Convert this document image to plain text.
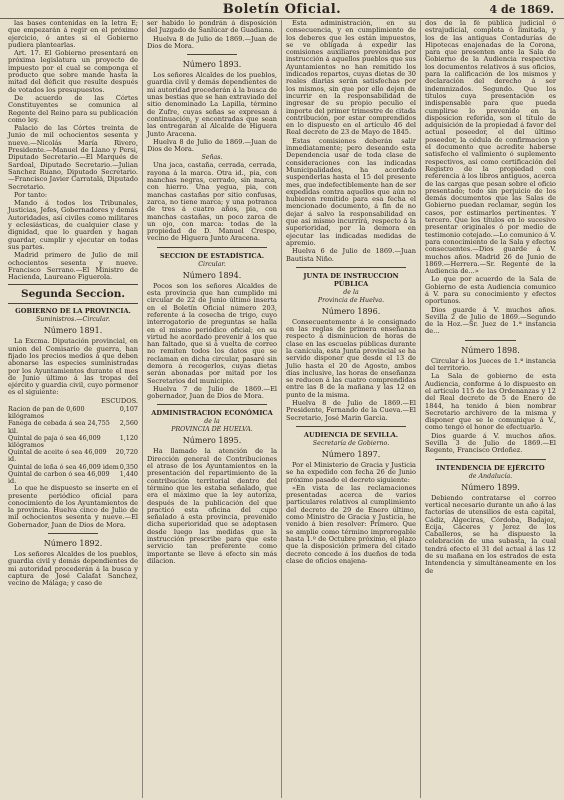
Boletín Oficial.	4 de 1869.

las bases contenidas en la letra E; que empezarán á regir en el próximo ejercicio, ó antes si el Gobierno pudiera plantearlas.

Art. 17. El Gobierno presentará en próxima legislatura un proyecto de impuesto por el cual se componga el producto que sobre mande hasta la mitad del déficit que resulte después de votados los presupuestos.

De acuerdo de las Córtes Constituyentes se comunica al Regente del Reino para su publicación como ley.

Palacio de las Córtes treinta de Junio de mil ochocientos sesenta y nueve.—Nicolás María Rivero, Presidente.—Manuel de Llano y Persi, Diputado Secretario.—El Marqués de Sardoal, Diputado Secretario.—Julian Sanchez Ruano, Diputado Secretario.—Francisco Javier Carratalá, Diputado Secretario.

Por tanto:

Mando á todos los Tribunales, Justicias, Jefes, Gobernadores y demás Autoridades, así civiles como militares y eclesiásticas, de cualquier clase y dignidad, que lo guarden y hagan guardar, cumplir y ejecutar en todas sus partes.

Madrid primero de Julio de mil ochocientos sesenta y nueve. Francisco Serrano.—El Ministro de Hacienda, Laureano Figuerola.

Segunda Seccion.
GOBIERNO DE LA PROVINCIA.
Suministros.—Circular.
Número 1891.

La Excma. Diputación provincial, en union del Comisario de guerra, han fijado los precios medios á que deben abonarse las especies suministradas por los Ayuntamientos durante el mes de Junio último á las tropas del ejército y guardia civil, cuyo pormenor es el siguiente:

ESCUDOS.
Racion de pan de 0,600 kilógramos
0,107
Fanega de cebada á sea 24,755 kil.
2,560
Quintal de paja ó sea 46,009 kilógramos
1,120
Quintal de aceite ó sea 46,009 id.
20,720
Quintal de leña ó sea 46,009 idem 0,350
Quintal de carbon ó sea 46,009 id.
1,440

Lo que he dispuesto se inserte en el presente periódico oficial para conocimiento de los Ayuntamientos de la provincia. Huelva cinco de Julio de mil ochocientos sesenta y nueve.—El Gobernador, Juan de Dios de Mora.

Número 1892.

Los señores Alcaldes de los pueblos, guardia civil y demás dependientes de mi autoridad procederán á la busca y captura de José Calafat Sanchez, vecino de Málaga; y caso de

ser habido lo pondrán á disposición del Juzgado de Sanlúcar de Guadiana.

Huelva 8 de Julio de 1869.—Juan de Dios de Mora.

Número 1893.

Los señores Alcaldes de los pueblos, guardia civil y demás dependientes de mi autoridad procederán á la busca de unas bestias que se han extraviado del sitio denominado La Lapilla, término de Zufre, cuyas señas se expresan á continuación, y encontradas que sean las entregarán al Alcalde de Higuera Junto Aracena.

Huelva 8 de Julio de 1869.—Juan de Dios de Mora.

Señas.

Una jaca, castaña, cerrada, cerrada, rayona á la marca. Otra id., pia, con manchas negras, cerrado, sin marca, con hierro. Una yegua, pia, con manchas castañas por sitio confusas, zarca, no tiene marca; y una potranca de tres á cuatro años, pia, con manchas castañas, un poco zarca de un ojo, con marca: todas de la propiedad de D. Manuel Crespo, vecino de Higuera Junto Aracena.

SECCION DE ESTADÍSTICA.
Circular.
Número 1894.

Pocos son los señores Alcaldes de esta provincia que han cumplido mi circular de 22 de Junio último inserta en el Boletín Oficial número 203, referente á la cosecha de trigo, cuyo interrogatorio de preguntas se halla en el mismo periódico oficial; en su virtud he acordado prevenir á los que han faltado, que si á vuelta de correo no remiten todos los datos que se reclaman en dicha circular, pasaré sin demora á recogerlos, cuyas dietas serán abonadas por mitad por los Secretarios del municipio.

Huelva 7 de Julio de 1869.—El gobernador, Juan de Dios de Mora.

ADMINISTRACION ECONÓMICA
de la
PROVINCIA DE HUELVA.
Número 1895.

Ha llamado la atención de la Dirección general de Contribuciones el atraso de los Ayuntamientos en la presentación del repartimiento de la contribución territorial dentro del término que les estaba señalado, que era el máximo que la ley autoriza, después de la publicación del que practicó esta oficina del cupo señalado á esta provincia, prevenido dicha superioridad que se adoptasen desde luego las medidas que la instrucción prescribe para que este servicio tan preferente como importante se lleve á efecto sin más dilacion.

Esta administración, en su consecuencia, y en cumplimiento de los deberes que les están impuestos, se ve obligada á expedir las comisiones auxiliares prevenidas por instrucción á aquellos pueblos que sus Ayuntamientos no han remitido los indicados repartos, cuyas dietas de 30 reales diarias serán satisfechas por los mismos, sin que por ello dejen de incurrir en la responsabilidad de ingresar de su propio peculio el importe del primer trimestre de citada contribución, por estar comprendidos en lo dispuesto en el artículo 46 del Real decreto de 23 de Mayo de 1845.

Estas comisiones deberán salir inmediatamente; pero deseando esta Dependencia usar de toda clase de consideraciones con las indicadas Municipalidades, ha acordado suspenderlas hasta el 15 del presente mes, que indefectiblemente han de ser expedidas contra aquellos que aún no hubieren remitido para esa fecha el mencionado documento, á fin de no dejar á salvo la responsabilidad en que así mismo incurrirá, respecto á la superioridad, por la demora en ejecutar las indicadas medidas de apremio.

Huelva 6 de Julio de 1869.—Juan Bautista Niño.

JUNTA DE INSTRUCCION PÚBLICA
de la
Provincia de Huelva.
Número 1896.

Consecuentemente á le consignado en las reglas de primera enseñanza respecto á disminucion de horas de clase en las escuelas públicas durante la canícula, esta Junta provincial se ha servido disponer que desde el 13 de Julio hasta el 20 de Agosto, ambos días inclusive, las horas de enseñanza se reducen á las cuatro comprendidas entre las 8 de la mañana y las 12 en punto de la misma.

Huelva 8 de Julio de 1869.—El Presidente, Fernando de la Cueva.—El Secretario, José Marin Garcia.

AUDIENCIA DE SEVILLA.
Secretaría de Gobierno.
Número 1897.

Por el Ministerio de Gracia y Justicia se ha expedido con fecha 26 de Junio próximo pasado el decreto siguiente:

«En vista de las reclamaciones presentadas acerca de varios particulares relativos al cumplimiento del decreto de 29 de Enero último, como Ministro de Gracia y Justicia, he venido á bien resolver: Primero. Que se amplie como término improrogable hasta 1.º de Octubre próximo, el plazo que la disposición primera del citado decreto concede á los dueños de toda clase de oficios enajena-

dos de la fé pública judicial ó estrajudicial, completa ó limitada, y los de las antiguas Contadurías de Hipotecas enajenadas de la Corona, para que presenten ante la Sala de Gobierno de la Audiencia respectiva los documentos relativos á sus oficios, para la calificación de los mismos y declaración del derecho á ser indemnizados. Segundo. Que los títulos cuya presentación es indispensable para que pueda cumplirse lo prevenido en la disposicion referida, son el título de adquisición de la propiedad á favor del actual poseedor, el del último poseedor, la cédula de confirmacion y el documento que acredite haberse satisfecho el valimiento ó suplemento respectivos, así como certificación del Registro de la propiedad con referencia á los libros antiguos, acerca de las cargas que pesan sobre el oficio presentado; todo sin perjuicio de los demás documentos que las Salas de Gobierno puedan reclamar, según los casos, por estimarlos pertinentes. Y tercero. Que los títulos en lo sucesivo presentar originales ó por medio de testimonio cotejado.—Lo comunico á V. para conocimiento de la Sala y efectos consecuentes.—Dios guarde á V. muchos años. Madrid 26 de Junio de 1869.—Herrera.—Sr. Regente de la Audiencia de...»

Lo que por acuerdo de la Sala de Gobierno de esta Audiencia comunico á V. para su conocimiento y efectos oportunos.

Dios guarde á V. muchos años. Sevilla 2 de Julio de 1869.—Segundo de la Hoz.—Sr. Juez de 1.ª instancia de...

Número 1898.

Circular á los Jueces de 1.ª instancia del territorio.

La Sala de gobierno de esta Audiencia, conforme á lo dispuesto en el artículo 115 de las Ordenanzas y 12 del Real decreto de 5 de Enero de 1844, ha tenido á bien nombrar Secretario archivero de la misma y disponer que se le comunique á V., como tengo el honor de efectuarlo.

Dios guarde á V. muchos años. Sevilla 3 de Julio de 1869.—El Regente, Francisco Ordoñez.

INTENDENCIA DE EJÉRCITO
de Andalucía.
Número 1899.

Debiendo contratarse el correo vertical necesario durante un año á las factorías de utensilios de esta capital, Cádiz, Algeciras, Córdoba, Badajoz, Écija, Cáceres y Jerez de los Caballeros, se ha dispuesto la celebración de una subasta, la cual tendrá efecto el 31 del actual á las 12 de su mañana en los estrados de esta Intendencia y simultáneamente en los de
